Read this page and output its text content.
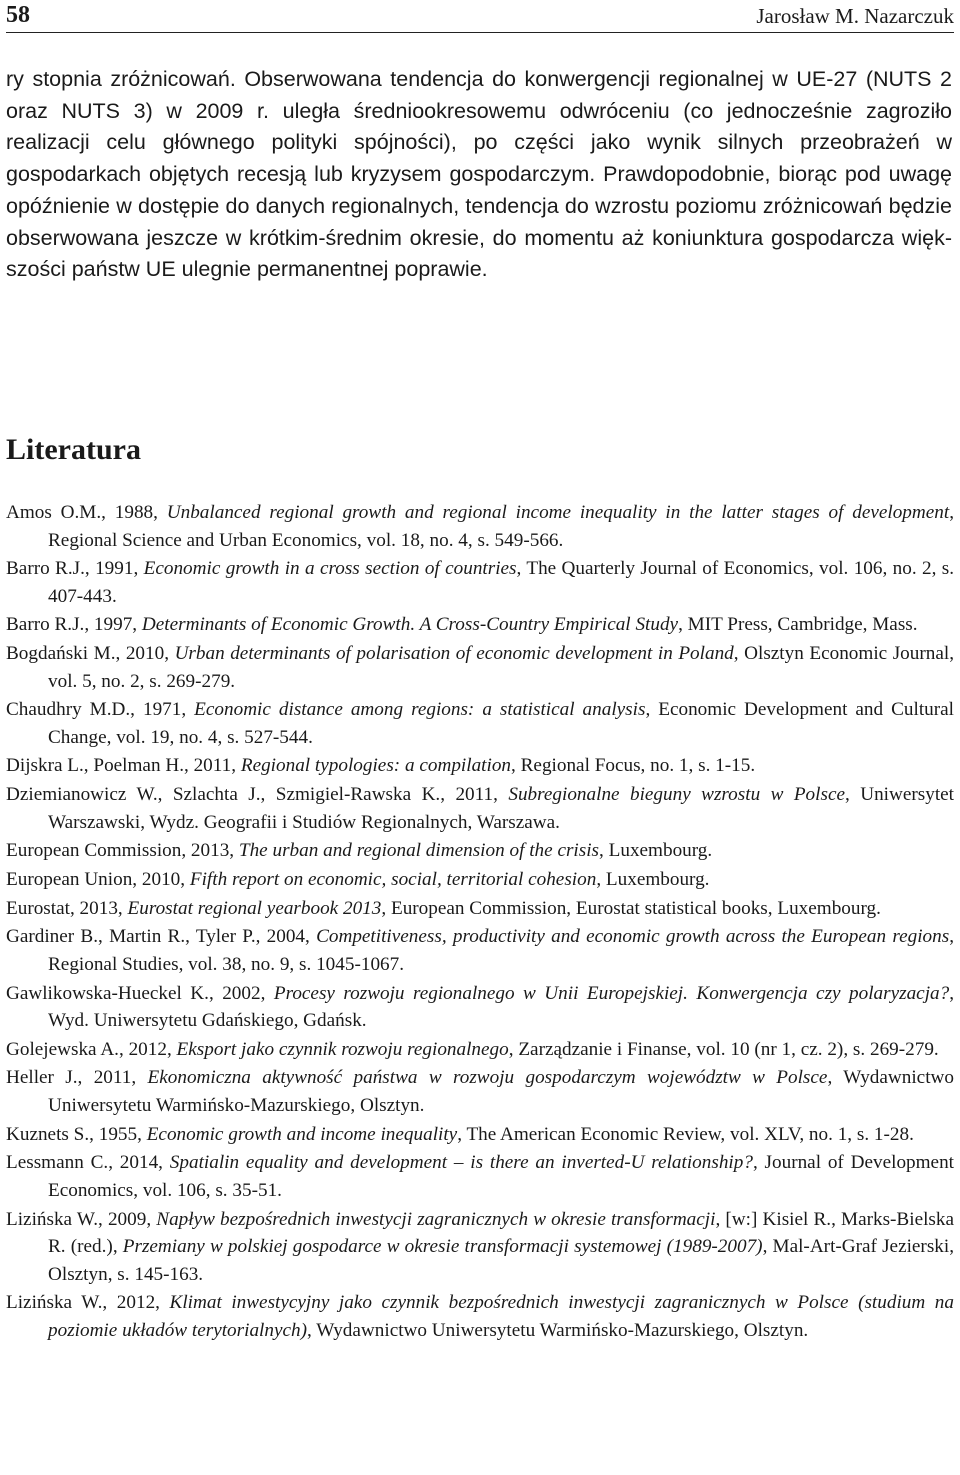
58	Jarosław M. Nazarczuk

ry stopnia zróżnicowań. Obserwowana tendencja do konwergencji regionalnej w UE-27 (NUTS 2 oraz NUTS 3) w 2009 r. uległa średniookresowemu odwróceniu (co jednocześnie zagroziło realizacji celu głównego polityki spójności), po części jako wynik silnych przeobrażeń w gospodarkach objętych recesją lub kryzysem gospodarczym. Prawdopodobnie, biorąc pod uwagę opóźnienie w dostępie do danych regionalnych, tendencja do wzrostu poziomu zróżnicowań będzie obserwowana jeszcze w krótkim-średnim okresie, do momentu aż koniunktura gospodarcza większości państw UE ulegnie permanentnej poprawie.

Literatura
Amos O.M., 1988, Unbalanced regional growth and regional income inequality in the latter stages of development, Regional Science and Urban Economics, vol. 18, no. 4, s. 549-566.
Barro R.J., 1991, Economic growth in a cross section of countries, The Quarterly Journal of Economics, vol. 106, no. 2, s. 407-443.
Barro R.J., 1997, Determinants of Economic Growth. A Cross-Country Empirical Study, MIT Press, Cambridge, Mass.
Bogdański M., 2010, Urban determinants of polarisation of economic development in Poland, Olsztyn Economic Journal, vol. 5, no. 2, s. 269-279.
Chaudhry M.D., 1971, Economic distance among regions: a statistical analysis, Economic Development and Cultural Change, vol. 19, no. 4, s. 527-544.
Dijskra L., Poelman H., 2011, Regional typologies: a compilation, Regional Focus, no. 1, s. 1-15.
Dziemianowicz W., Szlachta J., Szmigiel-Rawska K., 2011, Subregionalne bieguny wzrostu w Polsce, Uniwersytet Warszawski, Wydz. Geografii i Studiów Regionalnych, Warszawa.
European Commission, 2013, The urban and regional dimension of the crisis, Luxembourg.
European Union, 2010, Fifth report on economic, social, territorial cohesion, Luxembourg.
Eurostat, 2013, Eurostat regional yearbook 2013, European Commission, Eurostat statistical books, Luxembourg.
Gardiner B., Martin R., Tyler P., 2004, Competitiveness, productivity and economic growth across the European regions, Regional Studies, vol. 38, no. 9, s. 1045-1067.
Gawlikowska-Hueckel K., 2002, Procesy rozwoju regionalnego w Unii Europejskiej. Konwergencja czy polaryzacja?, Wyd. Uniwersytetu Gdańskiego, Gdańsk.
Golejewska A., 2012, Eksport jako czynnik rozwoju regionalnego, Zarządzanie i Finanse, vol. 10 (nr 1, cz. 2), s. 269-279.
Heller J., 2011, Ekonomiczna aktywność państwa w rozwoju gospodarczym województw w Polsce, Wydawnictwo Uniwersytetu Warmińsko-Mazurskiego, Olsztyn.
Kuznets S., 1955, Economic growth and income inequality, The American Economic Review, vol. XLV, no. 1, s. 1-28.
Lessmann C., 2014, Spatialin equality and development – is there an inverted-U relationship?, Journal of Development Economics, vol. 106, s. 35-51.
Lizińska W., 2009, Napływ bezpośrednich inwestycji zagranicznych w okresie transformacji, [w:] Kisiel R., Marks-Bielska R. (red.), Przemiany w polskiej gospodarce w okresie transformacji systemowej (1989-2007), Mal-Art-Graf Jezierski, Olsztyn, s. 145-163.
Lizińska W., 2012, Klimat inwestycyjny jako czynnik bezpośrednich inwestycji zagranicznych w Polsce (studium na poziomie układów terytorialnych), Wydawnictwo Uniwersytetu Warmińsko-Mazurskiego, Olsztyn.
